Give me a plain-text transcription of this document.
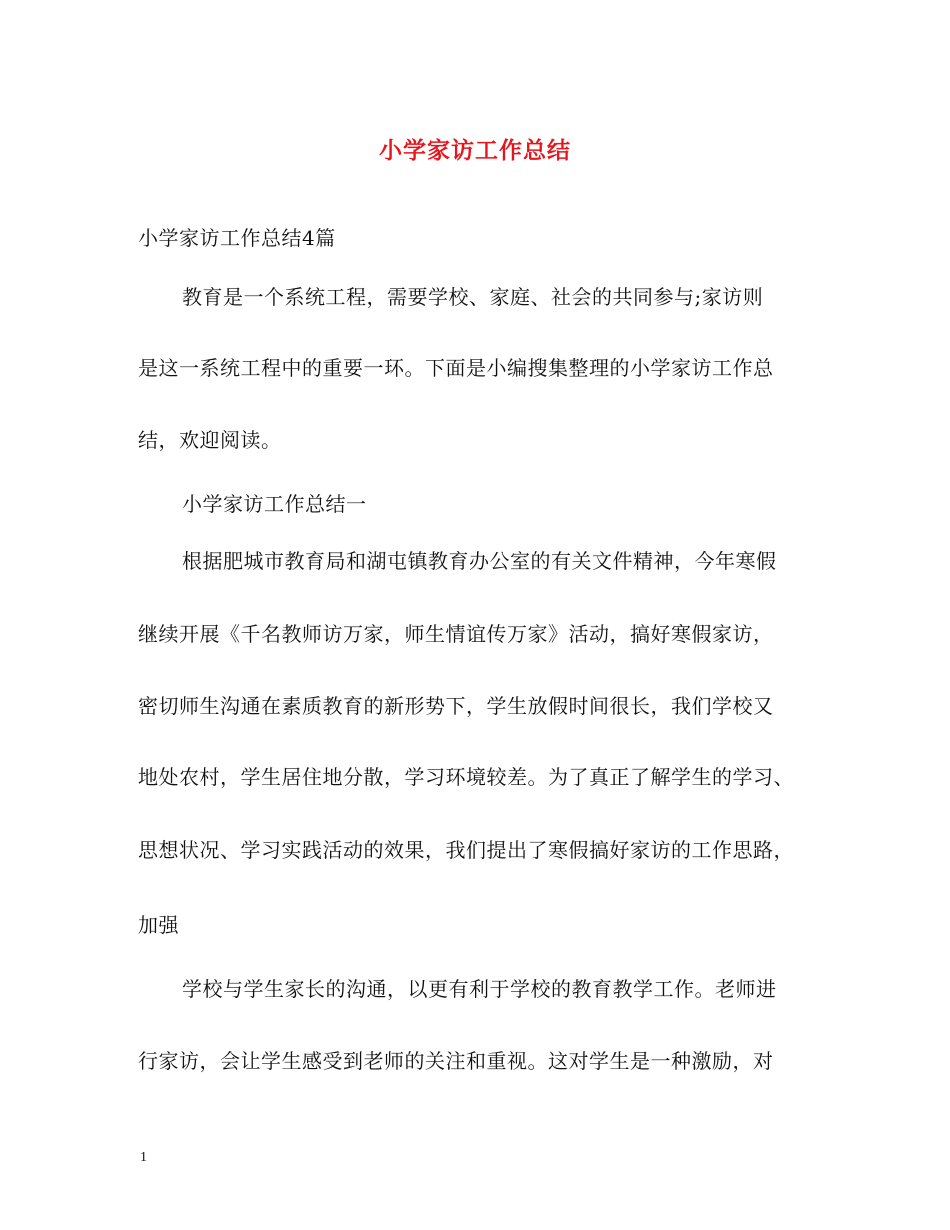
小学家访工作总结
小学家访工作总结4篇
教育是一个系统工程，需要学校、家庭、社会的共同参与;家访则
是这一系统工程中的重要一环。下面是小编搜集整理的小学家访工作总
结，欢迎阅读。
小学家访工作总结一
根据肥城市教育局和湖屯镇教育办公室的有关文件精神，今年寒假
继续开展《千名教师访万家，师生情谊传万家》活动，搞好寒假家访，
密切师生沟通在素质教育的新形势下，学生放假时间很长，我们学校又
地处农村，学生居住地分散，学习环境较差。为了真正了解学生的学习、
思想状况、学习实践活动的效果，我们提出了寒假搞好家访的工作思路，
加强
学校与学生家长的沟通，以更有利于学校的教育教学工作。老师进
行家访，会让学生感受到老师的关注和重视。这对学生是一种激励，对
1
